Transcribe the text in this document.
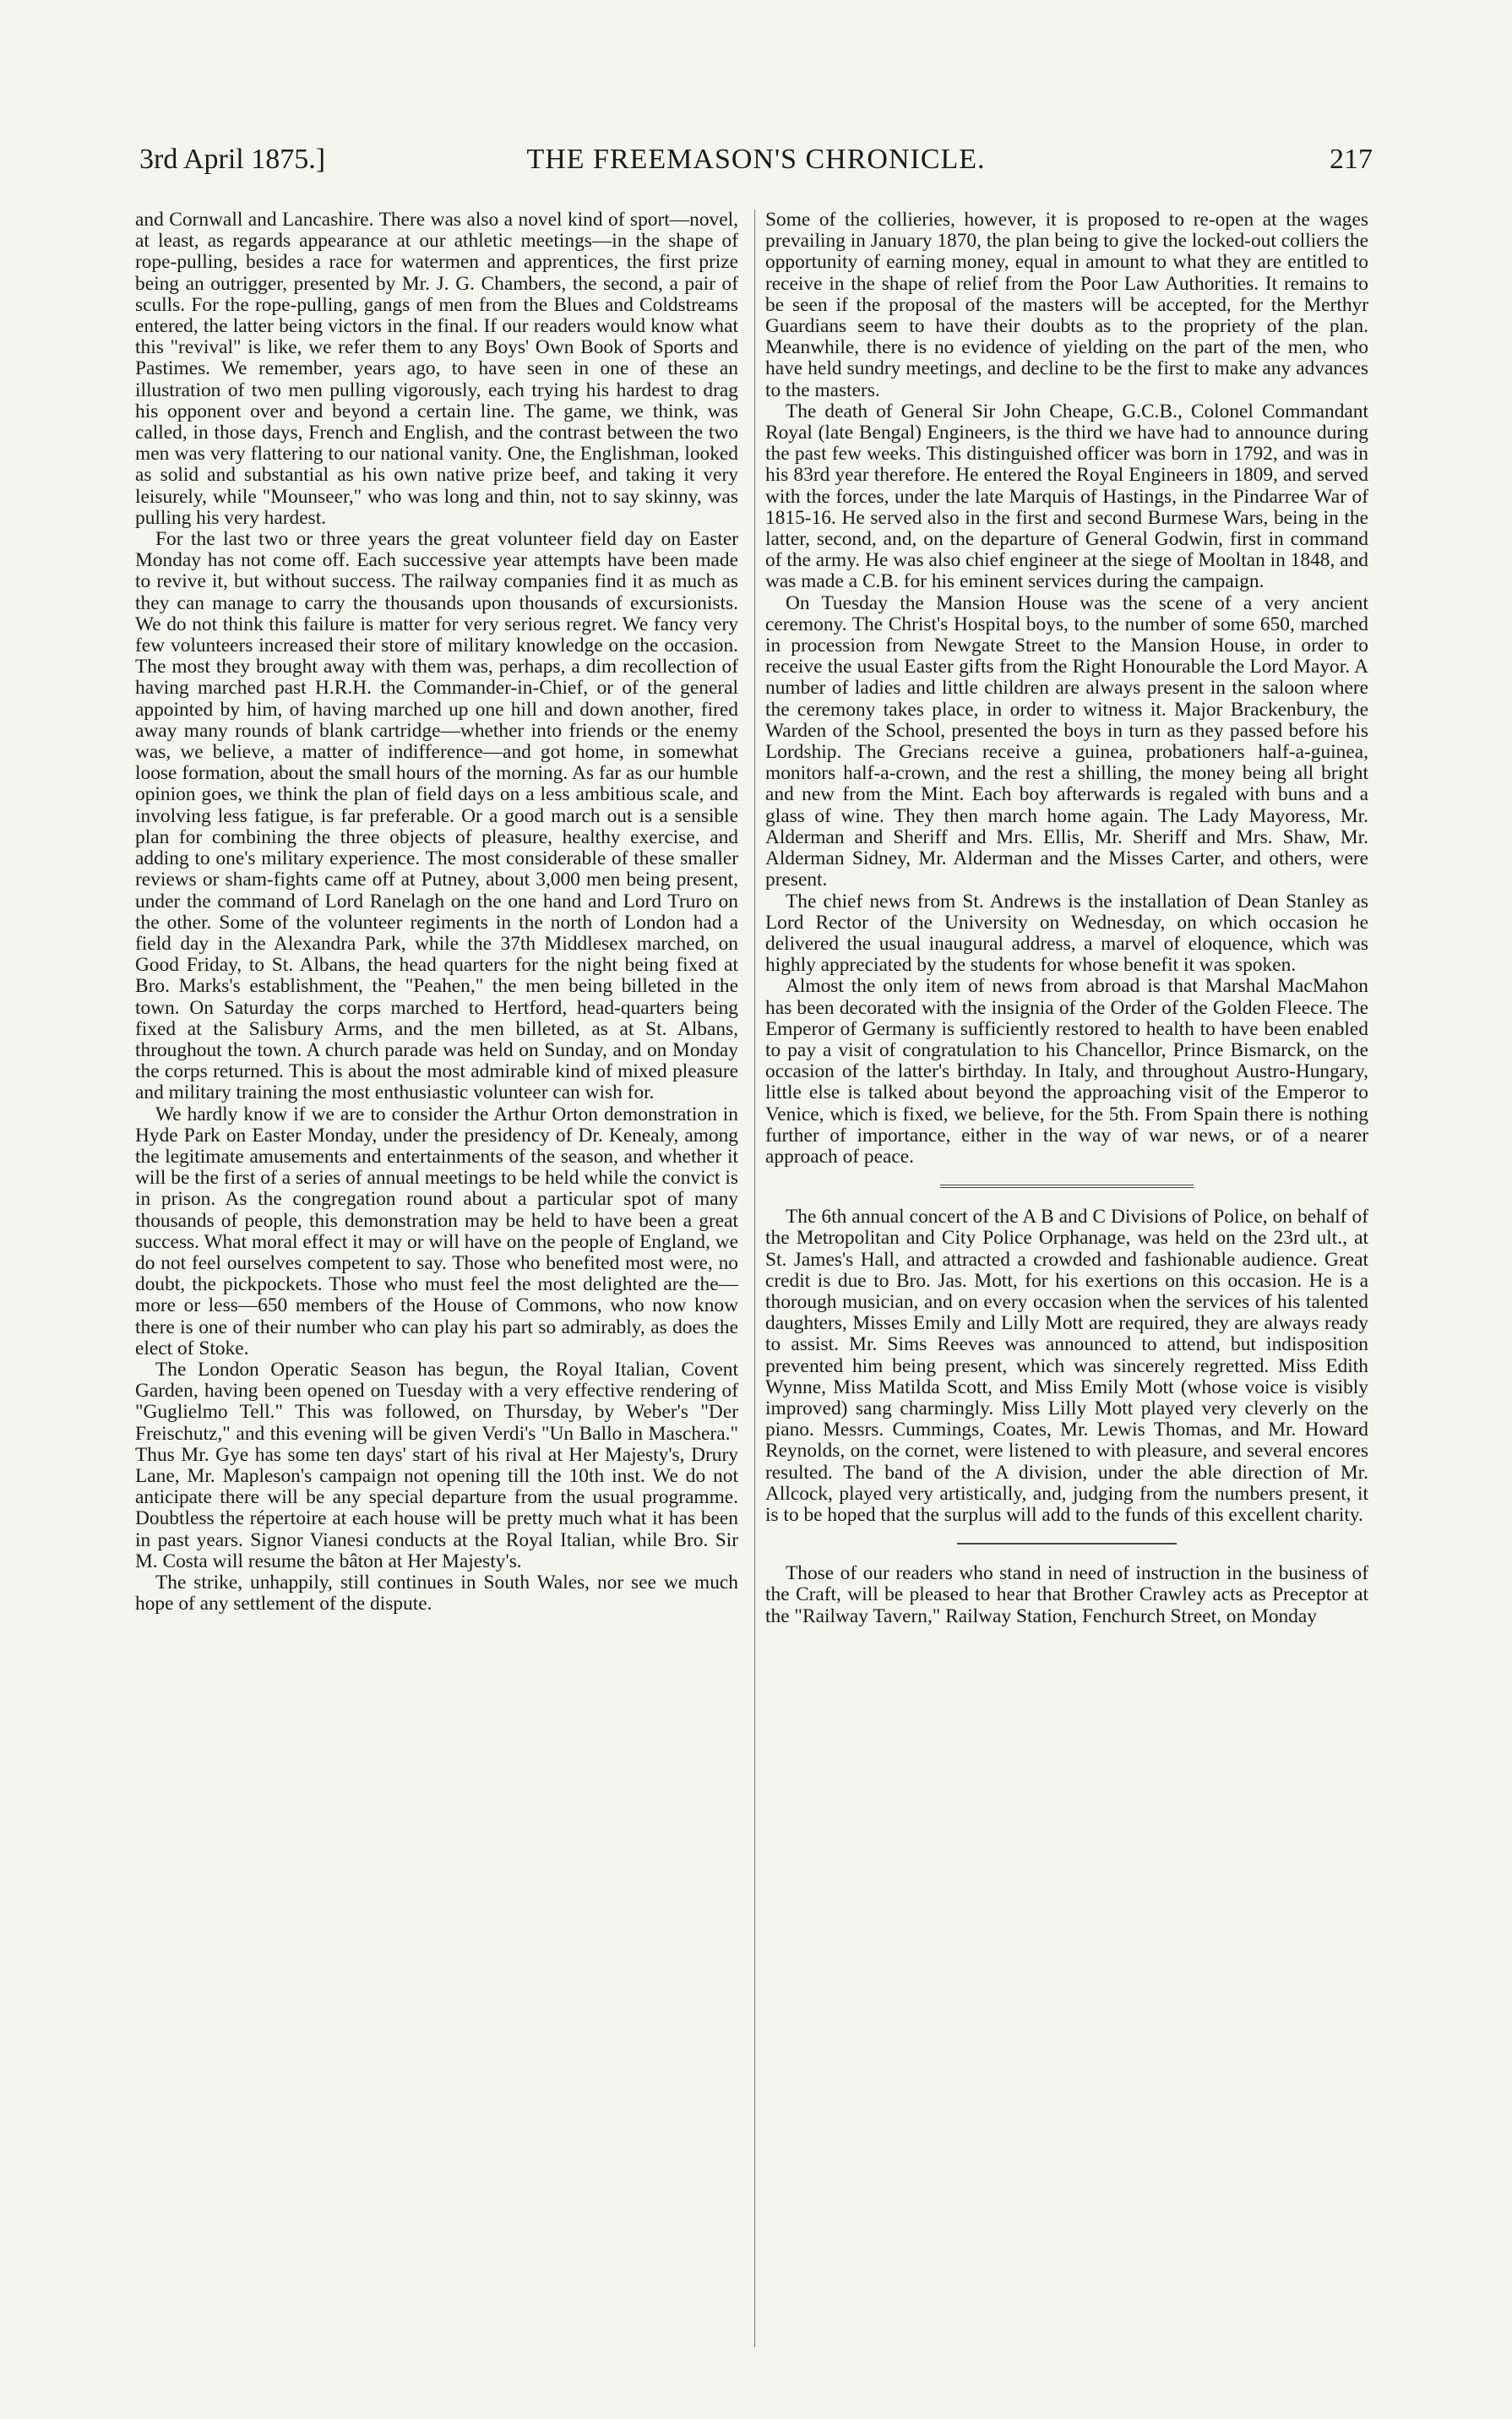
3rd April 1875.]	THE FREEMASON'S CHRONICLE.	217

and Cornwall and Lancashire. There was also a novel kind of sport—novel, at least, as regards appearance at our athletic meetings—in the shape of rope-pulling, besides a race for watermen and apprentices, the first prize being an outrigger, presented by Mr. J. G. Chambers, the second, a pair of sculls. For the rope-pulling, gangs of men from the Blues and Coldstreams entered, the latter being victors in the final. If our readers would know what this "revival" is like, we refer them to any Boys' Own Book of Sports and Pastimes. We remember, years ago, to have seen in one of these an illustration of two men pulling vigorously, each trying his hardest to drag his opponent over and beyond a certain line. The game, we think, was called, in those days, French and English, and the contrast between the two men was very flattering to our national vanity. One, the Englishman, looked as solid and substantial as his own native prize beef, and taking it very leisurely, while "Mounseer," who was long and thin, not to say skinny, was pulling his very hardest.

For the last two or three years the great volunteer field day on Easter Monday has not come off. Each successive year attempts have been made to revive it, but without success. The railway companies find it as much as they can manage to carry the thousands upon thousands of excursionists. We do not think this failure is matter for very serious regret. We fancy very few volunteers increased their store of military knowledge on the occasion. The most they brought away with them was, perhaps, a dim recollection of having marched past H.R.H. the Commander-in-Chief, or of the general appointed by him, of having marched up one hill and down another, fired away many rounds of blank cartridge—whether into friends or the enemy was, we believe, a matter of indifference—and got home, in somewhat loose formation, about the small hours of the morning. As far as our humble opinion goes, we think the plan of field days on a less ambitious scale, and involving less fatigue, is far preferable. Or a good march out is a sensible plan for combining the three objects of pleasure, healthy exercise, and adding to one's military experience. The most considerable of these smaller reviews or sham-fights came off at Putney, about 3,000 men being present, under the command of Lord Ranelagh on the one hand and Lord Truro on the other. Some of the volunteer regiments in the north of London had a field day in the Alexandra Park, while the 37th Middlesex marched, on Good Friday, to St. Albans, the head quarters for the night being fixed at Bro. Marks's establishment, the "Peahen," the men being billeted in the town. On Saturday the corps marched to Hertford, head-quarters being fixed at the Salisbury Arms, and the men billeted, as at St. Albans, throughout the town. A church parade was held on Sunday, and on Monday the corps returned. This is about the most admirable kind of mixed pleasure and military training the most enthusiastic volunteer can wish for.

We hardly know if we are to consider the Arthur Orton demonstration in Hyde Park on Easter Monday, under the presidency of Dr. Kenealy, among the legitimate amusements and entertainments of the season, and whether it will be the first of a series of annual meetings to be held while the convict is in prison. As the congregation round about a particular spot of many thousands of people, this demonstration may be held to have been a great success. What moral effect it may or will have on the people of England, we do not feel ourselves competent to say. Those who benefited most were, no doubt, the pickpockets. Those who must feel the most delighted are the—more or less—650 members of the House of Commons, who now know there is one of their number who can play his part so admirably, as does the elect of Stoke.

The London Operatic Season has begun, the Royal Italian, Covent Garden, having been opened on Tuesday with a very effective rendering of "Guglielmo Tell." This was followed, on Thursday, by Weber's "Der Freischutz," and this evening will be given Verdi's "Un Ballo in Maschera." Thus Mr. Gye has some ten days' start of his rival at Her Majesty's, Drury Lane, Mr. Mapleson's campaign not opening till the 10th inst. We do not anticipate there will be any special departure from the usual programme. Doubtless the répertoire at each house will be pretty much what it has been in past years. Signor Vianesi conducts at the Royal Italian, while Bro. Sir M. Costa will resume the bâton at Her Majesty's.

The strike, unhappily, still continues in South Wales, nor see we much hope of any settlement of the dispute.

Some of the collieries, however, it is proposed to re-open at the wages prevailing in January 1870, the plan being to give the locked-out colliers the opportunity of earning money, equal in amount to what they are entitled to receive in the shape of relief from the Poor Law Authorities. It remains to be seen if the proposal of the masters will be accepted, for the Merthyr Guardians seem to have their doubts as to the propriety of the plan. Meanwhile, there is no evidence of yielding on the part of the men, who have held sundry meetings, and decline to be the first to make any advances to the masters.

The death of General Sir John Cheape, G.C.B., Colonel Commandant Royal (late Bengal) Engineers, is the third we have had to announce during the past few weeks. This distinguished officer was born in 1792, and was in his 83rd year therefore. He entered the Royal Engineers in 1809, and served with the forces, under the late Marquis of Hastings, in the Pindarree War of 1815-16. He served also in the first and second Burmese Wars, being in the latter, second, and, on the departure of General Godwin, first in command of the army. He was also chief engineer at the siege of Mooltan in 1848, and was made a C.B. for his eminent services during the campaign.

On Tuesday the Mansion House was the scene of a very ancient ceremony. The Christ's Hospital boys, to the number of some 650, marched in procession from Newgate Street to the Mansion House, in order to receive the usual Easter gifts from the Right Honourable the Lord Mayor. A number of ladies and little children are always present in the saloon where the ceremony takes place, in order to witness it. Major Brackenbury, the Warden of the School, presented the boys in turn as they passed before his Lordship. The Grecians receive a guinea, probationers half-a-guinea, monitors half-a-crown, and the rest a shilling, the money being all bright and new from the Mint. Each boy afterwards is regaled with buns and a glass of wine. They then march home again. The Lady Mayoress, Mr. Alderman and Sheriff and Mrs. Ellis, Mr. Sheriff and Mrs. Shaw, Mr. Alderman Sidney, Mr. Alderman and the Misses Carter, and others, were present.

The chief news from St. Andrews is the installation of Dean Stanley as Lord Rector of the University on Wednesday, on which occasion he delivered the usual inaugural address, a marvel of eloquence, which was highly appreciated by the students for whose benefit it was spoken.

Almost the only item of news from abroad is that Marshal MacMahon has been decorated with the insignia of the Order of the Golden Fleece. The Emperor of Germany is sufficiently restored to health to have been enabled to pay a visit of congratulation to his Chancellor, Prince Bismarck, on the occasion of the latter's birthday. In Italy, and throughout Austro-Hungary, little else is talked about beyond the approaching visit of the Emperor to Venice, which is fixed, we believe, for the 5th. From Spain there is nothing further of importance, either in the way of war news, or of a nearer approach of peace.

The 6th annual concert of the A B and C Divisions of Police, on behalf of the Metropolitan and City Police Orphanage, was held on the 23rd ult., at St. James's Hall, and attracted a crowded and fashionable audience. Great credit is due to Bro. Jas. Mott, for his exertions on this occasion. He is a thorough musician, and on every occasion when the services of his talented daughters, Misses Emily and Lilly Mott are required, they are always ready to assist. Mr. Sims Reeves was announced to attend, but indisposition prevented him being present, which was sincerely regretted. Miss Edith Wynne, Miss Matilda Scott, and Miss Emily Mott (whose voice is visibly improved) sang charmingly. Miss Lilly Mott played very cleverly on the piano. Messrs. Cummings, Coates, Mr. Lewis Thomas, and Mr. Howard Reynolds, on the cornet, were listened to with pleasure, and several encores resulted. The band of the A division, under the able direction of Mr. Allcock, played very artistically, and, judging from the numbers present, it is to be hoped that the surplus will add to the funds of this excellent charity.

Those of our readers who stand in need of instruction in the business of the Craft, will be pleased to hear that Brother Crawley acts as Preceptor at the "Railway Tavern," Railway Station, Fenchurch Street, on Monday
